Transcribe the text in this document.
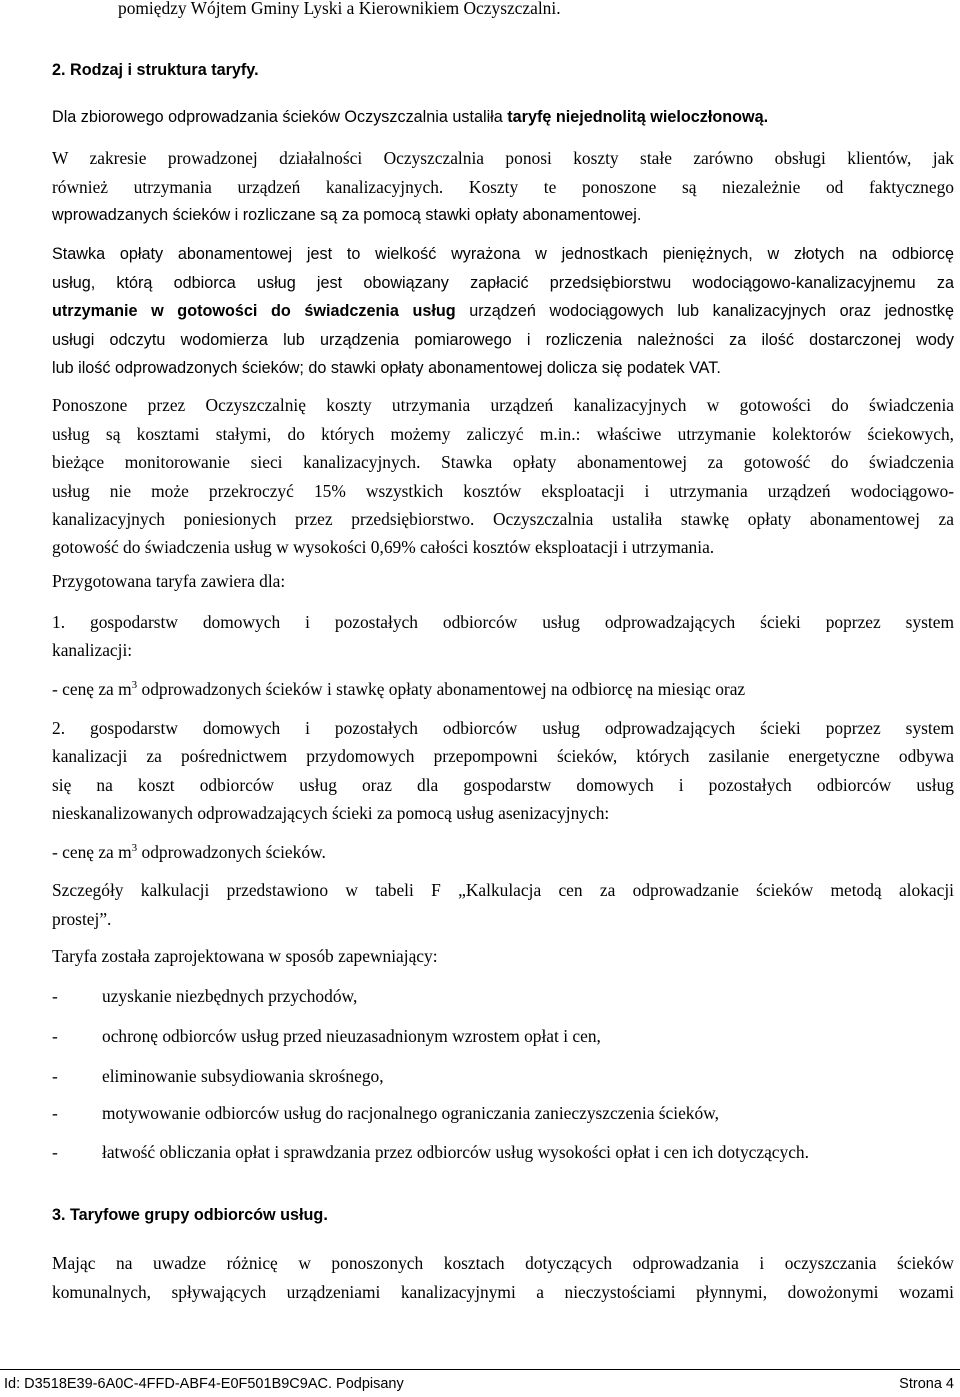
pomiędzy Wójtem Gminy Lyski a Kierownikiem Oczyszczalni.
2. Rodzaj i struktura taryfy.
Dla zbiorowego odprowadzania ścieków Oczyszczalnia ustaliła taryfę niejednolitą wieloczłonową.
W zakresie prowadzonej działalności Oczyszczalnia ponosi koszty stałe zarówno obsługi klientów, jak
również utrzymania urządzeń kanalizacyjnych. Koszty te ponoszone są niezależnie od faktycznego
wprowadzanych ścieków i rozliczane są za pomocą stawki opłaty abonamentowej.
Stawka opłaty abonamentowej jest to wielkość wyrażona w jednostkach pieniężnych, w złotych na odbiorcę
usług, którą odbiorca usług jest obowiązany zapłacić przedsiębiorstwu wodociągowo-kanalizacyjnemu za
utrzymanie w gotowości do świadczenia usług urządzeń wodociągowych lub kanalizacyjnych oraz jednostkę
usługi odczytu wodomierza lub urządzenia pomiarowego i rozliczenia należności za ilość dostarczonej wody
lub ilość odprowadzonych ścieków; do stawki opłaty abonamentowej dolicza się podatek VAT.
Ponoszone przez Oczyszczalnię koszty utrzymania urządzeń kanalizacyjnych w gotowości do świadczenia
usług są kosztami stałymi, do których możemy zaliczyć m.in.: właściwe utrzymanie kolektorów ściekowych,
bieżące monitorowanie sieci kanalizacyjnych. Stawka opłaty abonamentowej za gotowość do świadczenia
usług nie może przekroczyć 15% wszystkich kosztów eksploatacji i utrzymania urządzeń wodociągowo-
kanalizacyjnych poniesionych przez przedsiębiorstwo. Oczyszczalnia ustaliła stawkę opłaty abonamentowej za
gotowość do świadczenia usług w wysokości 0,69% całości kosztów eksploatacji i utrzymania.
Przygotowana taryfa zawiera dla:
1. gospodarstw domowych i pozostałych odbiorców usług odprowadzających ścieki poprzez system
kanalizacji:
- cenę za $m^3$ odprowadzonych ścieków i stawkę opłaty abonamentowej na odbiorcę na miesiąc oraz
2. gospodarstw domowych i pozostałych odbiorców usług odprowadzających ścieki poprzez system
kanalizacji za pośrednictwem przydomowych przepompowni ścieków, których zasilanie energetyczne odbywa
się na koszt odbiorców usług oraz dla gospodarstw domowych i pozostałych odbiorców usług
nieskanalizowanych odprowadzających ścieki za pomocą usług asenizacyjnych:
- cenę za $m^3$ odprowadzonych ścieków.
Szczegóły kalkulacji przedstawiono w tabeli F „Kalkulacja cen za odprowadzanie ścieków metodą alokacji
prostej”.
Taryfa została zaprojektowana w sposób zapewniający:
-	uzyskanie niezbędnych przychodów,
-	ochronę odbiorców usług przed nieuzasadnionym wzrostem opłat i cen,
-	eliminowanie subsydiowania skrośnego,
-	motywowanie odbiorców usług do racjonalnego ograniczania zanieczyszczenia ścieków,
-	łatwość obliczania opłat i sprawdzania przez odbiorców usług wysokości opłat i cen ich dotyczących.
3. Taryfowe grupy odbiorców usług.
Mając na uwadze różnicę w ponoszonych kosztach dotyczących odprowadzania i oczyszczania ścieków
komunalnych, spływających urządzeniami kanalizacyjnymi a nieczystościami płynnymi, dowożonymi wozami
Id: D3518E39-6A0C-4FFD-ABF4-E0F501B9C9AC. Podpisany	Strona 4
